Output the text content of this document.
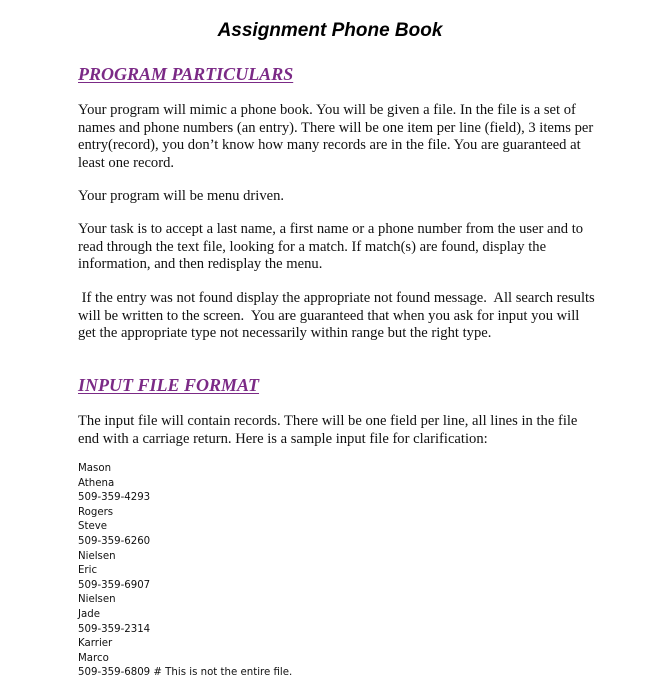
Assignment Phone Book
PROGRAM PARTICULARS

Your program will mimic a phone book. You will be given a file. In the file is a set of names and phone numbers (an entry). There will be one item per line (field), 3 items per entry(record), you don’t know how many records are in the file. You are guaranteed at least one record.

Your program will be menu driven.

Your task is to accept a last name, a first name or a phone number from the user and to read through the text file, looking for a match. If match(s) are found, display the information, and then redisplay the menu.

If the entry was not found display the appropriate not found message.  All search results will be written to the screen.  You are guaranteed that when you ask for input you will get the appropriate type not necessarily within range but the right type.

INPUT FILE FORMAT

The input file will contain records. There will be one field per line, all lines in the file end with a carriage return. Here is a sample input file for clarification:

Mason
Athena
509-359-4293
Rogers
Steve
509-359-6260
Nielsen
Eric
509-359-6907
Nielsen
Jade
509-359-2314
Karrier
Marco
509-359-6809 # This is not the entire file.
